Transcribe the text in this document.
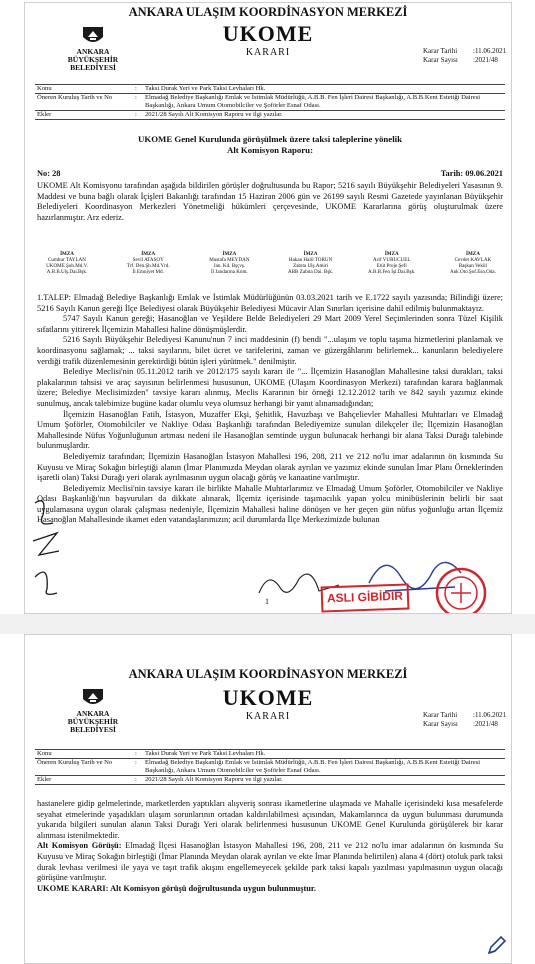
ANKARA ULAŞIM KOORDİNASYON MERKEZİ
UKOME
KARARI
ANKARA
BÜYÜKŞEHİR
BELEDİYESİ
Karar Tarihi	:11.06.2021
Karar Sayısı	:2021/48
Konu	:	Taksi Durak Yeri ve Park Taksi Levhaları Hk.
Öneren Kuruluş Tarih ve No	:	Elmadağ Belediye Başkanlığı Emlak ve İstimlak Müdürlüğü, A.B.B. Fen İşleri Dairesi Başkanlığı, A.B.B.Kent Estetiği Dairesi Başkanlığı, Ankara Umum Otomobilciler ve Şoförler Esnaf Odası.
Ekler	:	2021/28 Sayılı Alt Komisyon Raporu ve ilgi yazılar.
UKOME Genel Kurulunda görüşülmek üzere taksi taleplerine yönelik
Alt Komisyon Raporu:
No: 28	Tarih: 09.06.2021
UKOME Alt Komisyonu tarafından aşağıda bildirilen görüşler doğrultusunda bu Rapor; 5216 sayılı Büyükşehir Belediyeleri Yasasının 9. Maddesi ve buna bağlı olarak İçişleri Bakanlığı tarafından 15 Haziran 2006 gün ve 26199 sayılı Resmi Gazetede yayınlanan Büyükşehir Belediyeleri Koordinasyon Merkezleri Yönetmeliği hükümleri çerçevesinde, UKOME Kararlarına görüş oluşturulmak üzere hazırlanmıştır. Arz ederiz.
İMZA
Cumhur TAYLAN
UKOME Şub.Md.V.
A.B.B.Ulş.Dai.Bşk.
İMZA
Sevil ATASOY
Trf. Den.Şb.Md.Yrd.
İl Emniyet Md.
İMZA
Mustafa MEYDAN
Jan. Kd. Bşçvş.
İl Jandarma Kom.
İMZA
Hakan Halil TORUN
Zabıta Ulş.Amiri
ABB Zabıta Dai. Bşk.
İMZA
Arif VURUCUEL
Etüt Proje Şefi
A.B.B.Fen İşl.Dai.Bşk.
İMZA
Cevdet KAVLAK
Başkan Vekili
Ank.Oto.Şof.Esn.Oda.

1.TALEP: Elmadağ Belediye Başkanlığı Emlak ve İstimlak Müdürlüğünün 03.03.2021 tarih ve E.1722 sayılı yazısında; Bilindiği üzere; 5216 Sayılı Kanun gereği İlçe Belediyesi olarak Büyükşehir Belediyesi Mücavir Alan Sınırları içerisine dahil edilmiş bulunmaktayız.

5747 Sayılı Kanun gereği; Hasanoğlan ve Yeşildere Belde Belediyeleri 29 Mart 2009 Yerel Seçimlerinden sonra Tüzel Kişilik sıfatlarını yitirerek İlçemizin Mahallesi haline dönüşmüşlerdir.

5216 Sayılı Büyükşehir Belediyesi Kanunu'nun 7 inci maddesinin (f) bendi "...ulaşım ve toplu taşıma hizmetlerini planlamak ve koordinasyonu sağlamak; ... taksi sayılarını, bilet ücret ve tarifelerini, zaman ve güzergâhlarını belirlemek... kanunların belediyelere verdiği trafik düzenlemesinin gerektirdiği bütün işleri yürütmek." denilmiştir.

Belediye Meclisi'nin 05.11.2012 tarih ve 2012/175 sayılı kararı ile "... İlçemizin Hasanoğlan Mahallesine taksi durakları, taksi plakalarının tahsisi ve araç sayısının belirlenmesi hususunun, UKOME (Ulaşım Koordinasyon Merkezi) tarafından karara bağlanmak üzere; Belediye Meclisimizden" tavsiye kararı alınmış, Meclis Kararının bir örneği 12.12.2012 tarih ve 842 sayılı yazımız ekinde sunulmuş, ancak talebimize bugüne kadar olumlu veya olumsuz herhangi bir yanıt alınamadığından;

İlçemizin Hasanoğlan Fatih, İstasyon, Muzaffer Ekşi, Şehitlik, Havuzbaşı ve Bahçelievler Mahallesi Muhtarları ve Elmadağ Umum Şoförler, Otomobilciler ve Nakliye Odası Başkanlığı tarafından Belediyemize sunulan dilekçeler ile; İlçemizin Hasanoğlan Mahallesinde Nüfus Yoğunluğunun artması nedeni ile Hasanoğlan semtinde uygun bulunacak herhangi bir alana Taksi Durağı talebinde bulunmuşlardır.

Belediyemiz tarafından; İlçemizin Hasanoğlan İstasyon Mahallesi 196, 208, 211 ve 212 no'lu imar adalarının ön kısmında Su Kuyusu ve Miraç Sokağın birleştiği alanın (İmar Planımızda Meydan olarak ayrılan ve yazımız ekinde sunulan İmar Planı Örneklerinden işaretli olan) Taksi Durağı yeri olarak ayrılmasının uygun olacağı görüş ve kanaatine varılmıştır.

Belediyemiz Meclisi'nin tavsiye kararı ile birlikte Mahalle Muhtarlarımız ve Elmadağ Umum Şoförler, Otomobilciler ve Nakliye Odası Başkanlığı'nın başvuruları da dikkate alınarak, İlçemiz içerisinde taşımacılık yapan yolcu minibüslerinin belirli bir saat uygulamasına uygun olarak çalışması nedeniyle, İlçemizin Mahallesi haline dönüşen ve her geçen gün nüfus yoğunluğu artan İlçemiz Hasanoğlan Mahallesinde ikamet eden vatandaşlarımızın; acil durumlarda İlçe Merkezimizde bulunan

1	ASLI GİBİDİR
ANKARA ULAŞIM KOORDİNASYON MERKEZİ
UKOME
KARARI
ANKARA
BÜYÜKŞEHİR
BELEDİYESİ
Karar Tarihi	:11.06.2021
Karar Sayısı	:2021/48
Konu	:	Taksi Durak Yeri ve Park Taksi Levhaları Hk.
Öneren Kuruluş Tarih ve No	:	Elmadağ Belediye Başkanlığı Emlak ve İstimlak Müdürlüğü, A.B.B. Fen İşleri Dairesi Başkanlığı, A.B.B.Kent Estetiği Dairesi Başkanlığı, Ankara Umum Otomobilciler ve Şoförler Esnaf Odası.
Ekler	:	2021/28 Sayılı Alt Komisyon Raporu ve ilgi yazılar.

hastanelere gidip gelmelerinde, marketlerden yaptıkları alışveriş sonrası ikametlerine ulaşmada ve Mahalle içerisindeki kısa mesafelerde seyahat etmelerinde yaşadıkları ulaşım sorunlarının ortadan kaldırılabilmesi açısından, Makamlarınca da uygun bulunması durumunda yukarıda bilgileri sunulan alanın Taksi Durağı Yeri olarak belirlenmesi hususunun UKOME Genel Kurulunda görüşülerek bir karar alınması istenilmektedir.

Alt Komisyon Görüşü: Elmadağ İlçesi Hasanoğlan İstasyon Mahallesi 196, 208, 211 ve 212 no'lu imar adalarının ön kısmında Su Kuyusu ve Miraç Sokağın birleştiği (İmar Planında Meydan olarak ayrılan ve ekte İmar Planında belirtilen) alana 4 (dört) otoluk park taksi durak levhası verilmesi ile yaya ve taşıt trafik akışını engellemeyecek şekilde park taksi kapalı yazılması yapılmasının uygun olacağı görüşüne varılmıştır.

UKOME KARARI: Alt Komisyon görüşü doğrultusunda uygun bulunmuştur.
